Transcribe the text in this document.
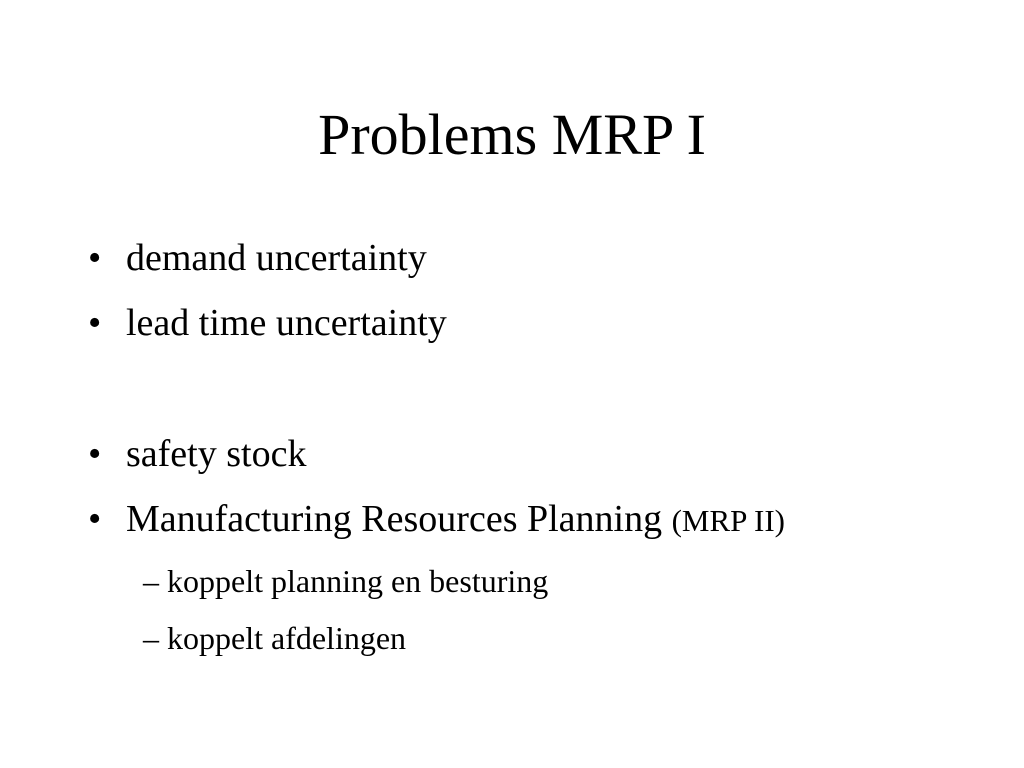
Problems MRP I
• demand uncertainty
• lead time uncertainty
• safety stock
• Manufacturing Resources Planning (MRP II)
– koppelt planning en besturing
– koppelt afdelingen
